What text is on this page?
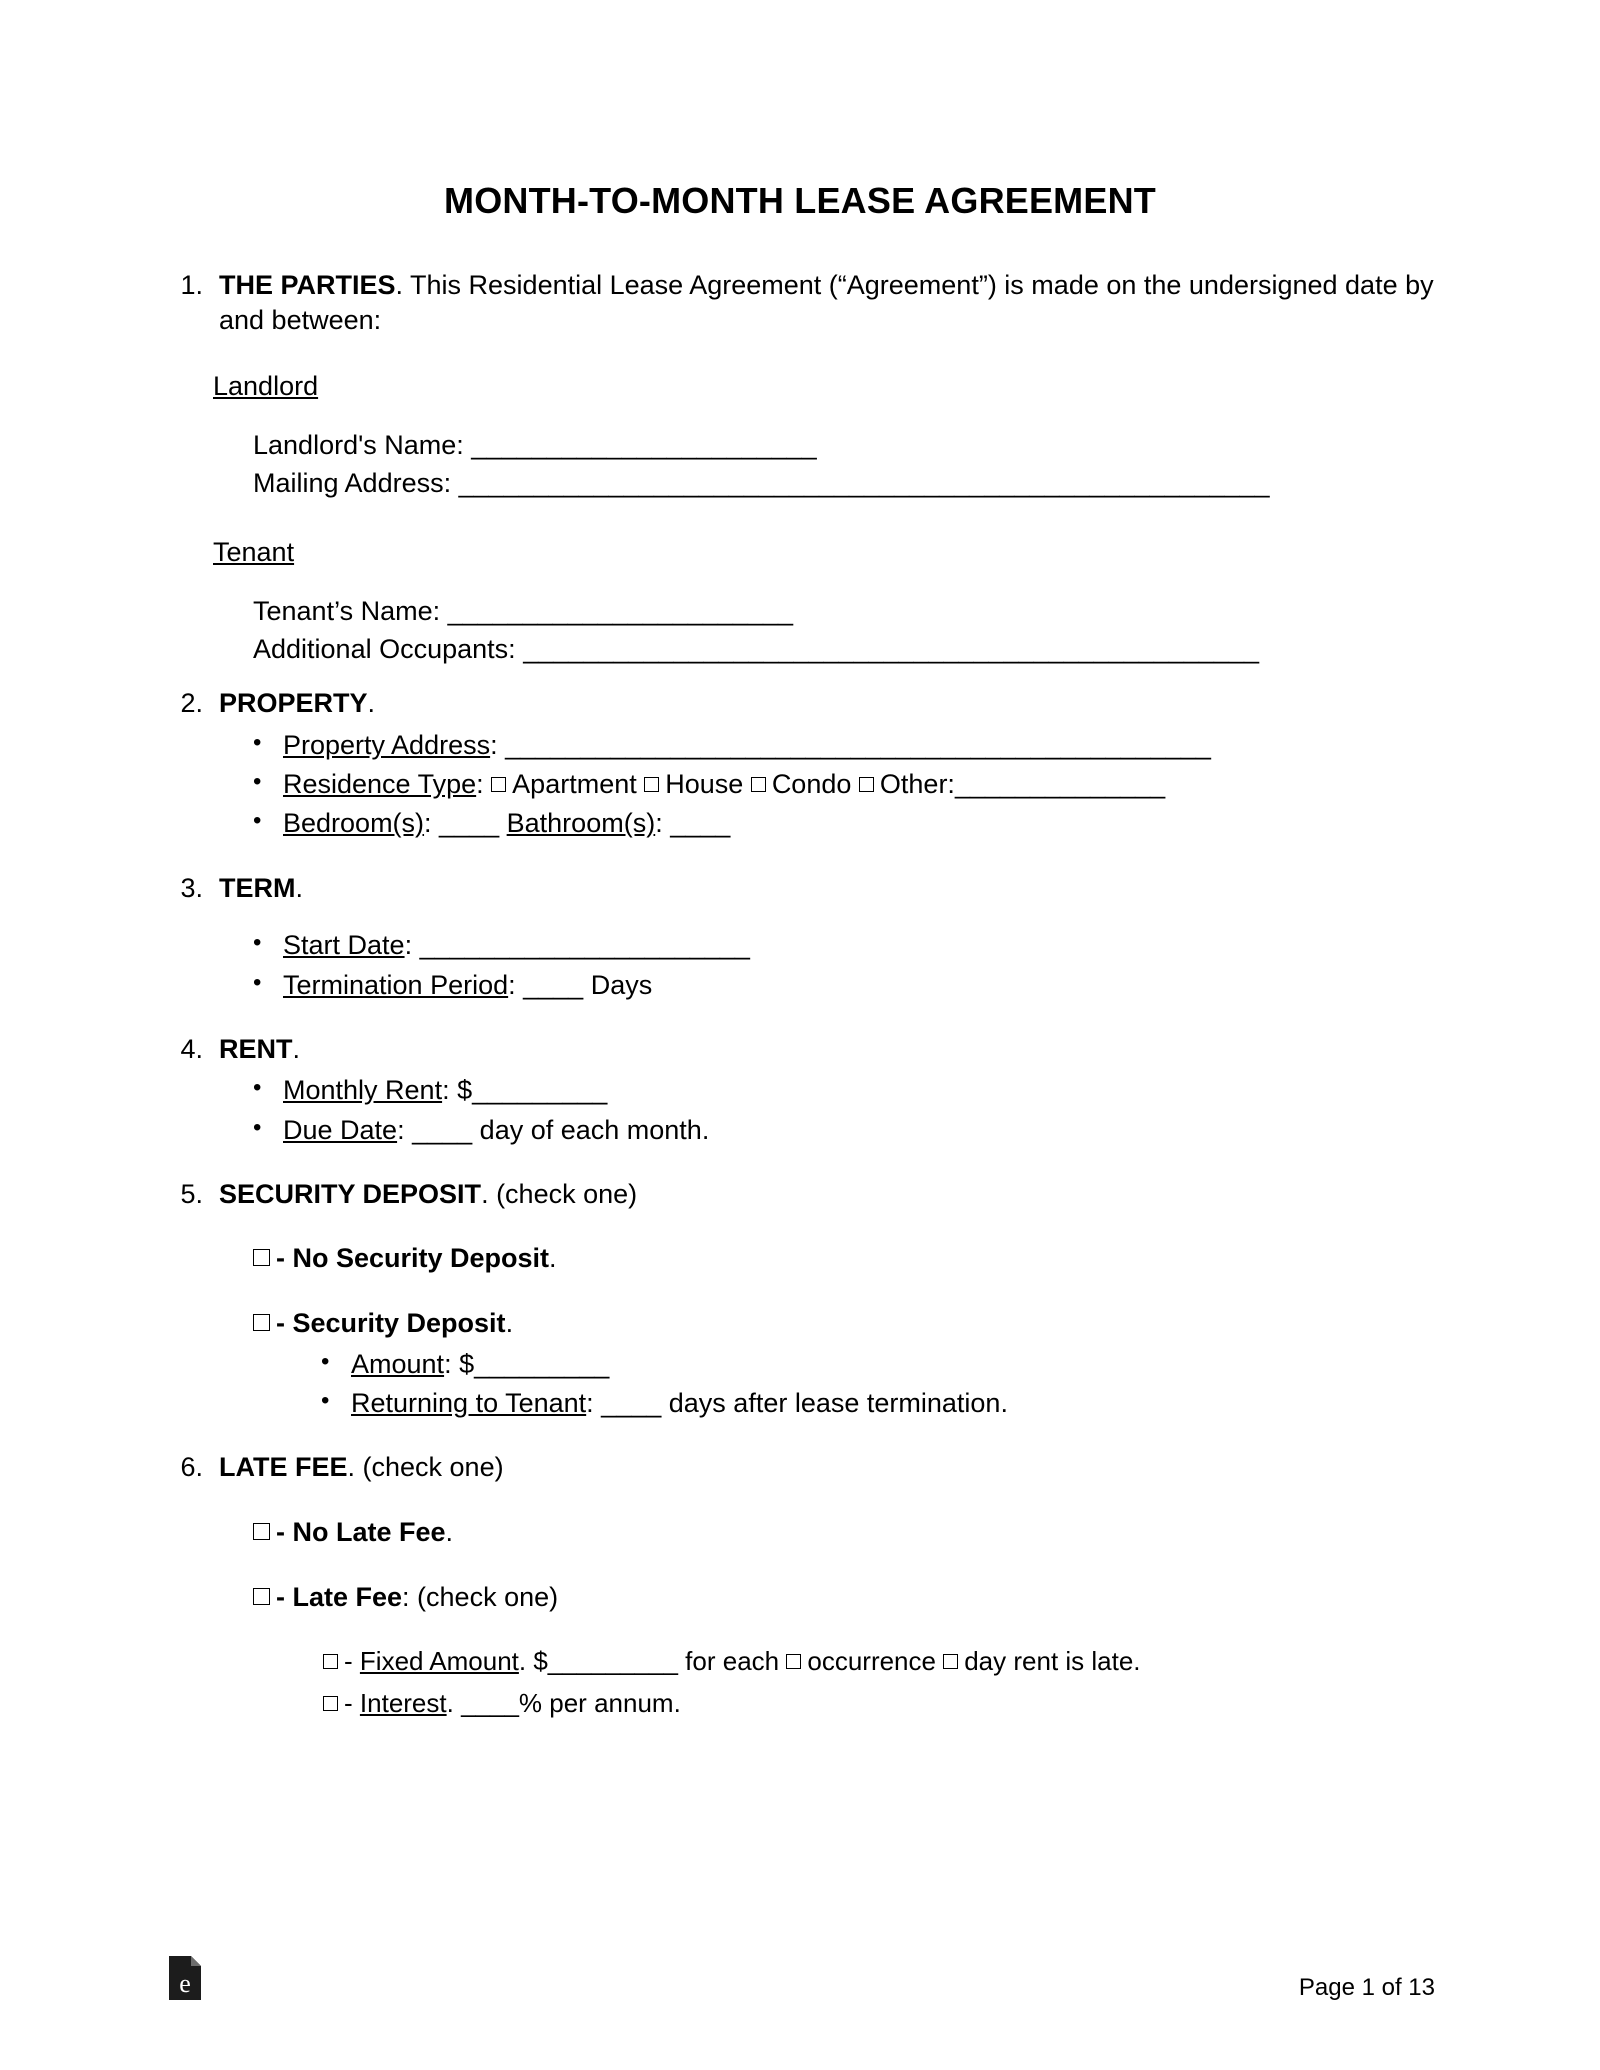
MONTH-TO-MONTH LEASE AGREEMENT
1. THE PARTIES. This Residential Lease Agreement (“Agreement”) is made on the undersigned date by and between:
Landlord
Landlord's Name: _______________________
Mailing Address: ______________________________________________________
Tenant
Tenant’s Name: _______________________
Additional Occupants: _________________________________________________
2. PROPERTY.
• Property Address: _______________________________________________
• Residence Type: Apartment House Condo Other:______________
• Bedroom(s): ____ Bathroom(s): ____
3. TERM.
• Start Date: ______________________
• Termination Period: ____ Days
4. RENT.
• Monthly Rent: $_________
• Due Date: ____ day of each month.
5. SECURITY DEPOSIT. (check one)
- No Security Deposit.
- Security Deposit.
• Amount: $_________
• Returning to Tenant: ____ days after lease termination.
6. LATE FEE. (check one)
- No Late Fee.
- Late Fee: (check one)
- Fixed Amount. $_________ for each occurrence day rent is late.
- Interest. ____% per annum.
e	Page 1 of 13
